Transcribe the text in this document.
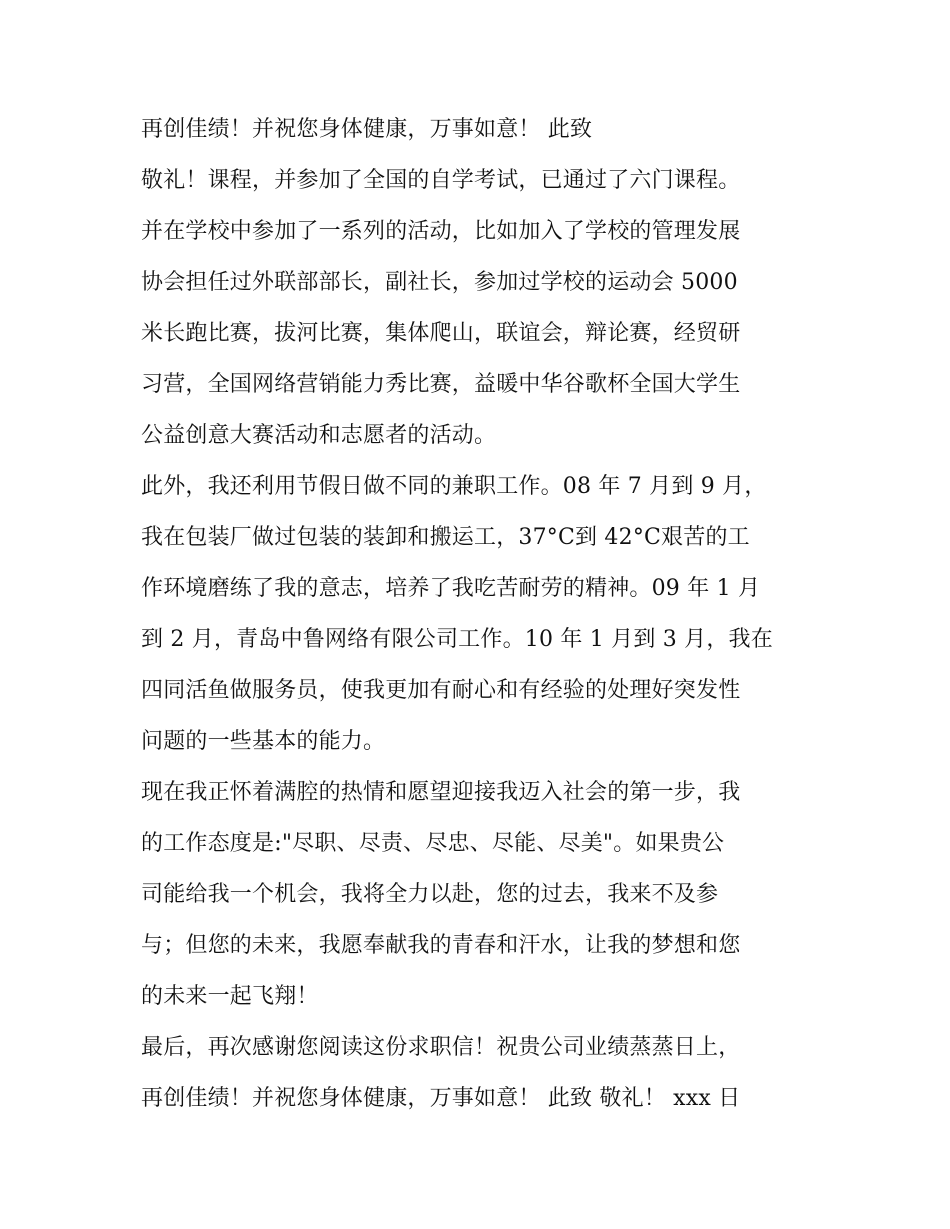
再创佳绩！并祝您身体健康，万事如意！ 此致
敬礼！课程，并参加了全国的自学考试，已通过了六门课程。
并在学校中参加了一系列的活动，比如加入了学校的管理发展
协会担任过外联部部长，副社长，参加过学校的运动会 5000
米长跑比赛，拔河比赛，集体爬山，联谊会，辩论赛，经贸研
习营，全国网络营销能力秀比赛，益暖中华谷歌杯全国大学生
公益创意大赛活动和志愿者的活动。
此外，我还利用节假日做不同的兼职工作。08 年 7 月到 9 月，
我在包装厂做过包装的装卸和搬运工，37°C到 42°C艰苦的工
作环境磨练了我的意志，培养了我吃苦耐劳的精神。09 年 1 月
到 2 月，青岛中鲁网络有限公司工作。10 年 1 月到 3 月，我在
四同活鱼做服务员，使我更加有耐心和有经验的处理好突发性
问题的一些基本的能力。
现在我正怀着满腔的热情和愿望迎接我迈入社会的第一步，我
的工作态度是:"尽职、尽责、尽忠、尽能、尽美"。如果贵公
司能给我一个机会，我将全力以赴，您的过去，我来不及参
与；但您的未来，我愿奉献我的青春和汗水，让我的梦想和您
的未来一起飞翔！
最后，再次感谢您阅读这份求职信！祝贵公司业绩蒸蒸日上，
再创佳绩！并祝您身体健康，万事如意！ 此致 敬礼！ xxx 日
